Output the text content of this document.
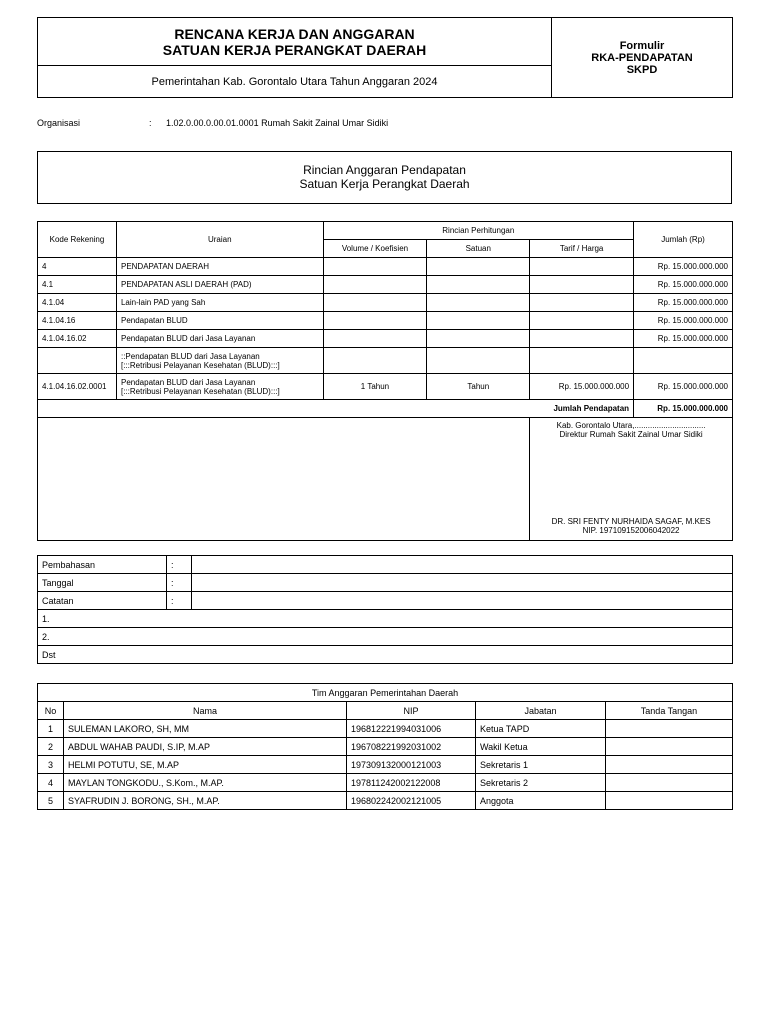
RENCANA KERJA DAN ANGGARAN
SATUAN KERJA PERANGKAT DAERAH	Formulir
RKA-PENDAPATAN
SKPD

Pemerintahan Kab. Gorontalo Utara Tahun Anggaran 2024
Organisasi	: 1.02.0.00.0.00.01.0001 Rumah Sakit Zainal Umar Sidiki
Rincian Anggaran Pendapatan
Satuan Kerja Perangkat Daerah
Kode Rekening	Uraian	Rincian Perhitungan			Jumlah (Rp)
		Volume / Koefisien	Satuan	Tarif / Harga	
4	PENDAPATAN DAERAH				Rp. 15.000.000.000
4.1	PENDAPATAN ASLI DAERAH (PAD)				Rp. 15.000.000.000
4.1.04	Lain-lain PAD yang Sah				Rp. 15.000.000.000
4.1.04.16	Pendapatan BLUD				Rp. 15.000.000.000
4.1.04.16.02	Pendapatan BLUD dari Jasa Layanan				Rp. 15.000.000.000

	::Pendapatan BLUD dari Jasa Layanan
[:::Retribusi Pelayanan Kesehatan (BLUD):::]				

4.1.04.16.02.0001	Pendapatan BLUD dari Jasa Layanan
[:::Retribusi Pelayanan Kesehatan (BLUD):::]	1 Tahun	Tahun	Rp. 15.000.000.000	Rp. 15.000.000.000
Jumlah Pendapatan					Rp. 15.000.000.000

				Kab. Gorontalo Utara,................................
Direktur Rumah Sakit Zainal Umar Sidiki
DR. SRI FENTY NURHAIDA SAGAF, M.KES
NIP. 197109152006042022	
Pembahasan	:	
Tanggal	:	
Catatan	:	
1.		
2.		
Dst		
Tim Anggaran Pemerintahan Daerah				
No	Nama	NIP	Jabatan	Tanda Tangan
1	SULEMAN LAKORO, SH, MM	196812221994031006	Ketua TAPD	
2	ABDUL WAHAB PAUDI, S.IP, M.AP	196708221992031002	Wakil Ketua	
3	HELMI POTUTU, SE, M.AP	197309132000121003	Sekretaris 1	
4	MAYLAN TONGKODU., S.Kom., M.AP.	197811242002122008	Sekretaris 2	
5	SYAFRUDIN J. BORONG, SH., M.AP.	196802242002121005	Anggota	
